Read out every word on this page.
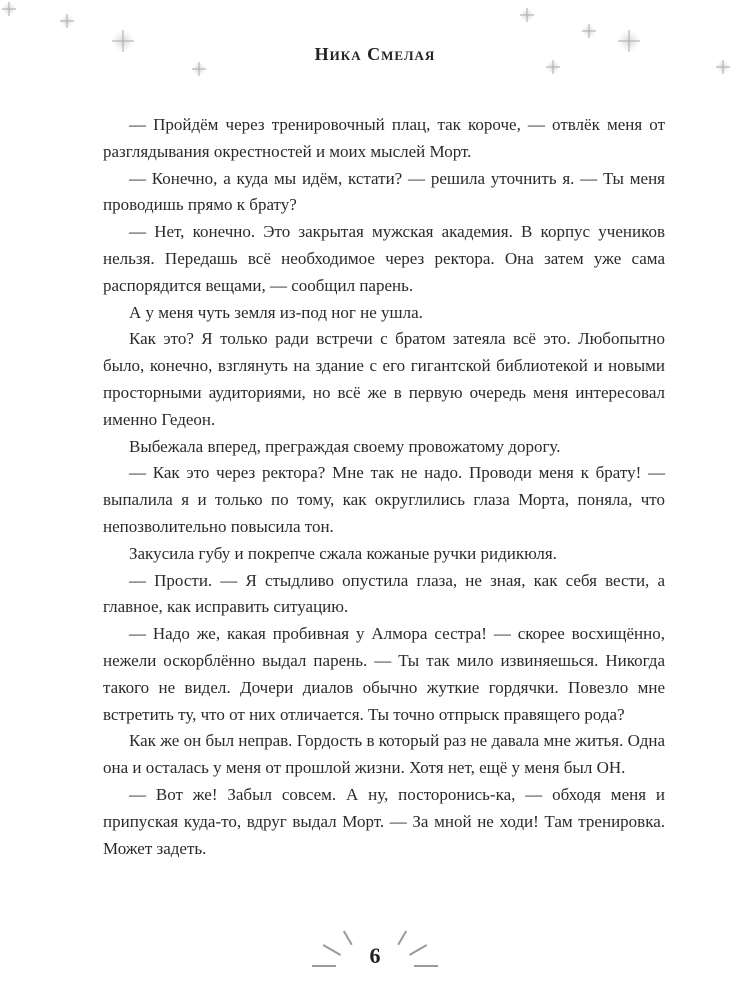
Ника Смелая

— Пройдём через тренировочный плац, так короче, — отвлёк меня от разглядывания окрестностей и моих мыслей Морт.

— Конечно, а куда мы идём, кстати? — решила уточнить я. — Ты меня проводишь прямо к брату?

— Нет, конечно. Это закрытая мужская академия. В корпус учеников нельзя. Передашь всё необходимое через ректора. Она затем уже сама распорядится вещами, — сообщил парень.

А у меня чуть земля из-под ног не ушла.

Как это? Я только ради встречи с братом затеяла всё это. Любопытно было, конечно, взглянуть на здание с его гигантской библиотекой и новыми просторными аудиториями, но всё же в первую очередь меня интересовал именно Гедеон.

Выбежала вперед, преграждая своему провожатому дорогу.

— Как это через ректора? Мне так не надо. Проводи меня к брату! — выпалила я и только по тому, как округлились глаза Морта, поняла, что непозволительно повысила тон.

Закусила губу и покрепче сжала кожаные ручки ридикюля.

— Прости. — Я стыдливо опустила глаза, не зная, как себя вести, а главное, как исправить ситуацию.

— Надо же, какая пробивная у Алмора сестра! — скорее восхищённо, нежели оскорблённо выдал парень. — Ты так мило извиняешься. Никогда такого не видел. Дочери диалов обычно жуткие гордячки. Повезло мне встретить ту, что от них отличается. Ты точно отпрыск правящего рода?

Как же он был неправ. Гордость в который раз не давала мне житья. Одна она и осталась у меня от прошлой жизни. Хотя нет, ещё у меня был ОН.

— Вот же! Забыл совсем. А ну, посторонись-ка, — обходя меня и припуская куда-то, вдруг выдал Морт. — За мной не ходи! Там тренировка. Может задеть.

6
